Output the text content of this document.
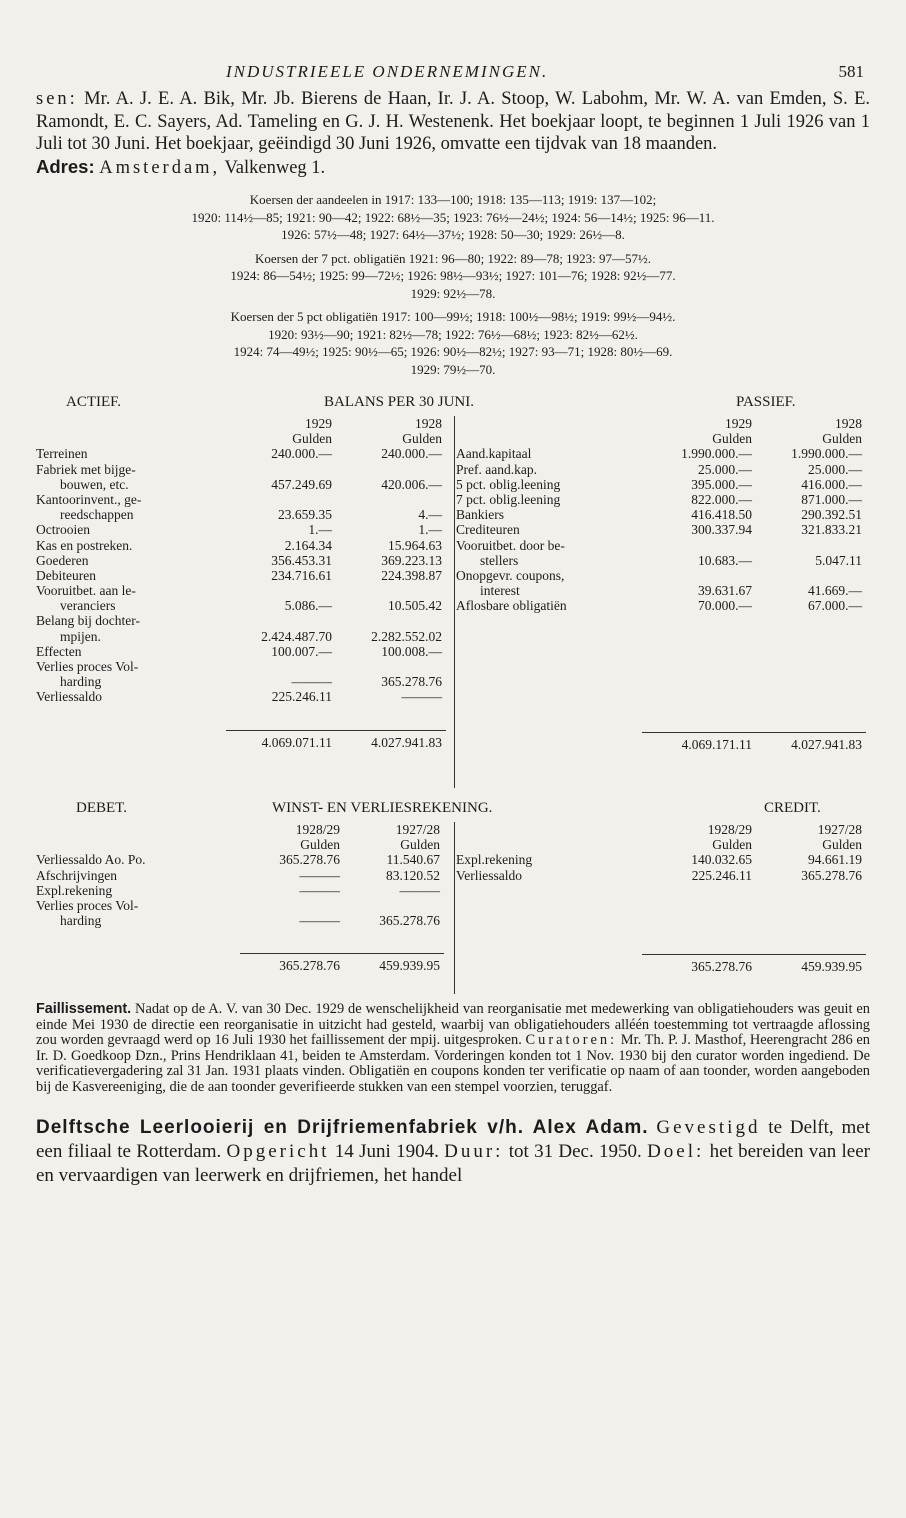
INDUSTRIEELE ONDERNEMINGEN.	581

sen: Mr. A. J. E. A. Bik, Mr. Jb. Bierens de Haan, Ir. J. A. Stoop, W. Labohm, Mr. W. A. van Emden, S. E. Ramondt, E. C. Sayers, Ad. Tameling en G. J. H. Westenenk. Het boekjaar loopt, te beginnen 1 Juli 1926 van 1 Juli tot 30 Juni. Het boekjaar, geëindigd 30 Juni 1926, omvatte een tijdvak van 18 maanden.
Adres: Amsterdam, Valkenweg 1.

Koersen der aandeelen in 1917: 133—100; 1918: 135—113; 1919: 137—102;

1920: 114½—85; 1921: 90—42; 1922: 68½—35; 1923: 76½—24½; 1924: 56—14½; 1925: 96—11.

1926: 57½—48; 1927: 64½—37½; 1928: 50—30; 1929: 26½—8.

Koersen der 7 pct. obligatiën 1921: 96—80; 1922: 89—78; 1923: 97—57½.

1924: 86—54½; 1925: 99—72½; 1926: 98½—93½; 1927: 101—76; 1928: 92½—77.

1929: 92½—78.

Koersen der 5 pct obligatiën 1917: 100—99½; 1918: 100½—98½; 1919: 99½—94½.

1920: 93½—90; 1921: 82½—78; 1922: 76½—68½; 1923: 82½—62½.

1924: 74—49½; 1925: 90½—65; 1926: 90½—82½; 1927: 93—71; 1928: 80½—69.

1929: 79½—70.

ACTIEF.	BALANS PER 30 JUNI.	PASSIEF.
1929	1928
Gulden	Gulden
Terreinen	240.000.—	240.000.—
Fabriek met bijge-
bouwen, etc.	457.249.69	420.006.—
Kantoorinvent., ge-
reedschappen	23.659.35	4.—
Octrooien	1.—	1.—
Kas en postreken.	2.164.34	15.964.63
Goederen	356.453.31	369.223.13
Debiteuren	234.716.61	224.398.87
Vooruitbet. aan le-
veranciers	5.086.—	10.505.42
Belang bij dochter-
mpijen.	2.424.487.70	2.282.552.02
Effecten	100.007.—	100.008.—
Verlies proces Vol-
harding	———	365.278.76
Verliessaldo	225.246.11	———
4.069.071.11	4.027.941.83
1929	1928
Gulden	Gulden
Aand.kapitaal	1.990.000.—	1.990.000.—
Pref. aand.kap.	25.000.—	25.000.—
5 pct. oblig.leening	395.000.—	416.000.—
7 pct. oblig.leening	822.000.—	871.000.—
Bankiers	416.418.50	290.392.51
Crediteuren	300.337.94	321.833.21
Vooruitbet. door be-
stellers	10.683.—	5.047.11
Onopgevr. coupons,
interest	39.631.67	41.669.—
Aflosbare obligatiën	70.000.—	67.000.—
4.069.171.11	4.027.941.83
DEBET.	WINST- EN VERLIESREKENING.	CREDIT.
1928/29	1927/28
Gulden	Gulden
Verliessaldo Ao. Po.	365.278.76	11.540.67
Afschrijvingen	———	83.120.52
Expl.rekening	———	———
Verlies proces Vol-
harding	———	365.278.76
365.278.76	459.939.95
1928/29	1927/28
Gulden	Gulden
Expl.rekening	140.032.65	94.661.19
Verliessaldo	225.246.11	365.278.76
365.278.76	459.939.95

Faillissement. Nadat op de A. V. van 30 Dec. 1929 de wenschelijkheid van reorganisatie met medewerking van obligatiehouders was geuit en einde Mei 1930 de directie een reorganisatie in uitzicht had gesteld, waarbij van obligatiehouders alléén toestemming tot vertraagde aflossing zou worden gevraagd werd op 16 Juli 1930 het faillissement der mpij. uitgesproken. Curatoren: Mr. Th. P. J. Masthof, Heerengracht 286 en Ir. D. Goedkoop Dzn., Prins Hendriklaan 41, beiden te Amsterdam. Vorderingen konden tot 1 Nov. 1930 bij den curator worden ingediend. De verificatievergadering zal 31 Jan. 1931 plaats vinden. Obligatiën en coupons konden ter verificatie op naam of aan toonder, worden aangeboden bij de Kasvereeniging, die de aan toonder geverifieerde stukken van een stempel voorzien, teruggaf.

Delftsche Leerlooierij en Drijfriemenfabriek v/h. Alex Adam. Gevestigd te Delft, met een filiaal te Rotterdam. Opgericht 14 Juni 1904. Duur: tot 31 Dec. 1950. Doel: het bereiden van leer en vervaardigen van leerwerk en drijfriemen, het handel
